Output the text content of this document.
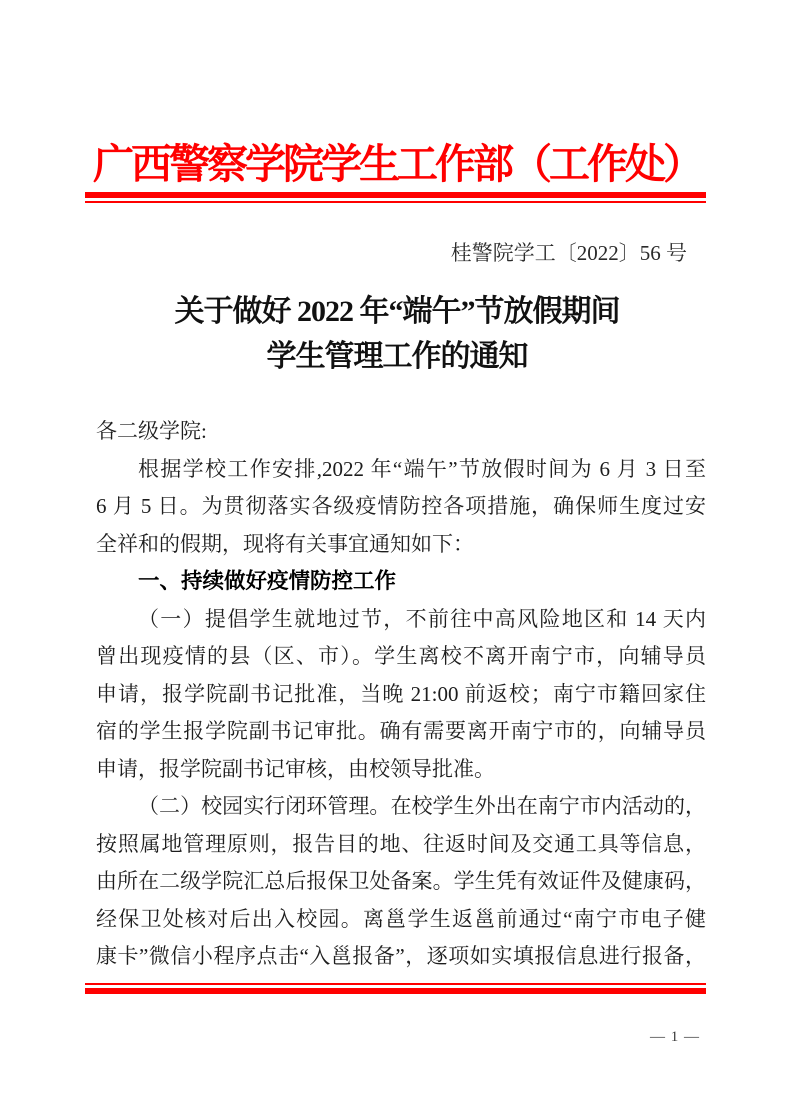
广西警察学院学生工作部（工作处）
桂警院学工〔2022〕56 号
关于做好 2022 年“端午”节放假期间
学生管理工作的通知
各二级学院:
根据学校工作安排,2022 年“端午”节放假时间为 6 月 3 日至
6 月 5 日。为贯彻落实各级疫情防控各项措施，确保师生度过安
全祥和的假期，现将有关事宜通知如下：
一、持续做好疫情防控工作
（一）提倡学生就地过节，不前往中高风险地区和 14 天内
曾出现疫情的县（区、市）。学生离校不离开南宁市，向辅导员
申请，报学院副书记批准，当晚 21:00 前返校；南宁市籍回家住
宿的学生报学院副书记审批。确有需要离开南宁市的，向辅导员
申请，报学院副书记审核，由校领导批准。
（二）校园实行闭环管理。在校学生外出在南宁市内活动的，
按照属地管理原则，报告目的地、往返时间及交通工具等信息，
由所在二级学院汇总后报保卫处备案。学生凭有效证件及健康码，
经保卫处核对后出入校园。离邕学生返邕前通过“南宁市电子健
康卡”微信小程序点击“入邕报备”，逐项如实填报信息进行报备，
— 1 —
